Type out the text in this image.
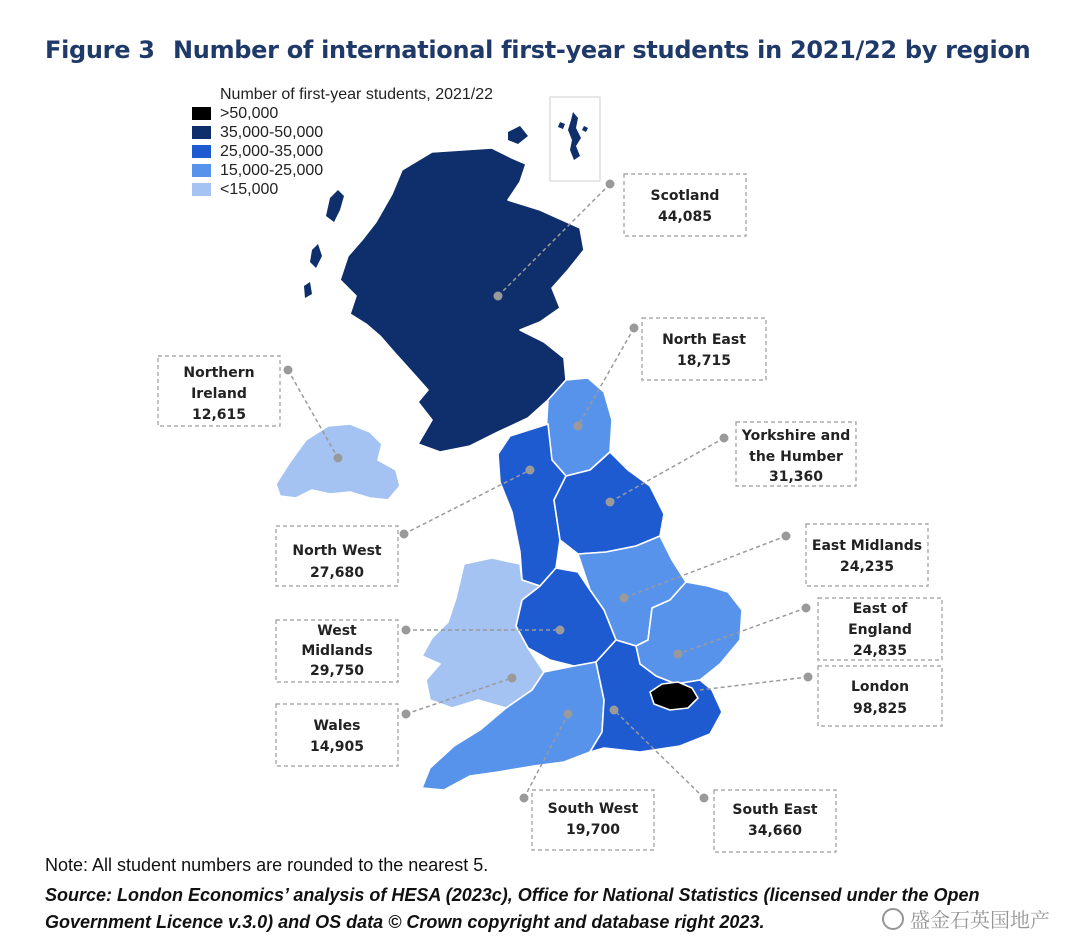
Figure 3 Number of international first-year students in 2021/22 by region
Number of first-year students, 2021/22
>50,000
35,000-50,000
25,000-35,000
15,000-25,000
<15,000	Scotland
44,085
North East
18,715
Northern
Ireland
12,615
Yorkshire and
the Humber
31,360
North West
27,680
East Midlands
24,235
West
Midlands
29,750
East of
England
24,835
London
98,825
Wales
14,905
South West
19,700
South East
34,660
Note: All student numbers are rounded to the nearest 5.
Source: London Economics’ analysis of HESA (2023c), Office for National Statistics (licensed under the Open Government Licence v.3.0) and OS data © Crown copyright and database right 2023.	盛金石英国地产
